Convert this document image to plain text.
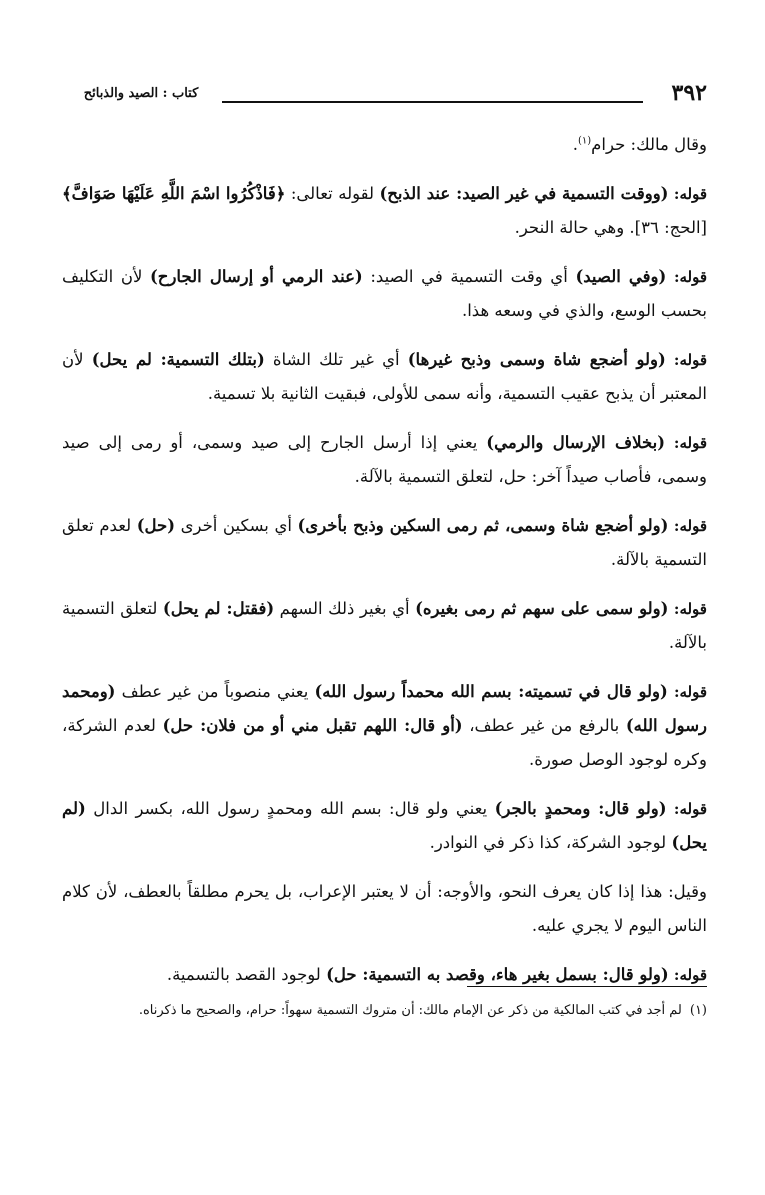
٣٩٢
كتاب : الصيد والذبائح

وقال مالك: حرام$^{(١)}$.

قوله: (ووقت التسمية في غير الصيد: عند الذبح) لقوله تعالى: ﴿فَاذْكُرُوا اسْمَ اللَّهِ عَلَيْهَا صَوَافَّ﴾ [الحج: ٣٦]. وهي حالة النحر.

قوله: (وفي الصيد) أي وقت التسمية في الصيد: (عند الرمي أو إرسال الجارح) لأن التكليف بحسب الوسع، والذي في وسعه هذا.

قوله: (ولو أضجع شاة وسمى وذبح غيرها) أي غير تلك الشاة (بتلك التسمية: لم يحل) لأن المعتبر أن يذبح عقيب التسمية، وأنه سمى للأولى، فبقيت الثانية بلا تسمية.

قوله: (بخلاف الإرسال والرمي) يعني إذا أرسل الجارح إلى صيد وسمى، أو رمى إلى صيد وسمى، فأصاب صيداً آخر: حل، لتعلق التسمية بالآلة.

قوله: (ولو أضجع شاة وسمى، ثم رمى السكين وذبح بأخرى) أي بسكين أخرى (حل) لعدم تعلق التسمية بالآلة.

قوله: (ولو سمى على سهم ثم رمى بغيره) أي بغير ذلك السهم (فقتل: لم يحل) لتعلق التسمية بالآلة.

قوله: (ولو قال في تسميته: بسم الله محمداً رسول الله) يعني منصوباً من غير عطف (ومحمد رسول الله) بالرفع من غير عطف، (أو قال: اللهم تقبل مني أو من فلان: حل) لعدم الشركة، وكره لوجود الوصل صورة.

قوله: (ولو قال: ومحمدٍ بالجر) يعني ولو قال: بسم الله ومحمدٍ رسول الله، بكسر الدال (لم يحل) لوجود الشركة، كذا ذكر في النوادر.

وقيل: هذا إذا كان يعرف النحو، والأوجه: أن لا يعتبر الإعراب، بل يحرم مطلقاً بالعطف، لأن كلام الناس اليوم لا يجري عليه.

قوله: (ولو قال: بسمل بغير هاء، وقصد به التسمية: حل) لوجود القصد بالتسمية.

(١)لم أجد في كتب المالكية من ذكر عن الإمام مالك: أن متروك التسمية سهواً: حرام، والصحيح ما ذكرناه.
